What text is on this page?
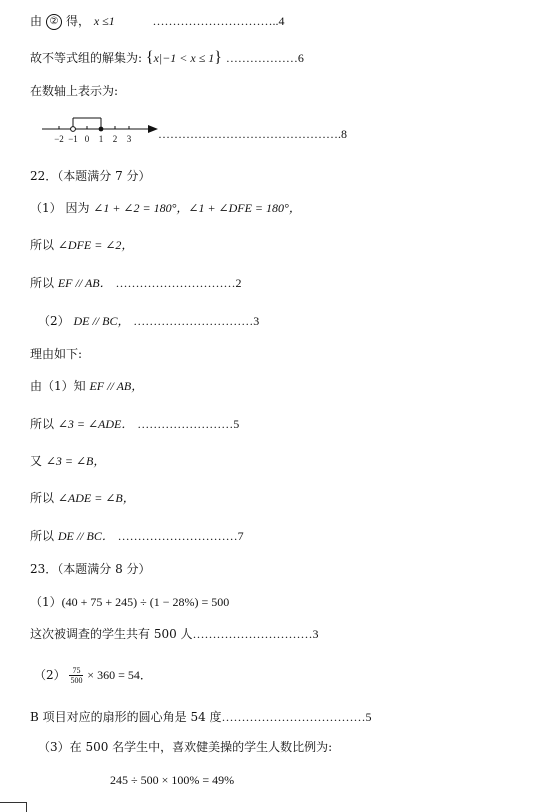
由 ② 得， x ≤1	…………………………..4
故不等式组的解集为: {x|−1 < x ≤ 1} ………………6
在数轴上表示为:
−2 −1 0 1 2 3 ……………………………………….8
22．（本题满分 7 分）
（1） 因为 ∠1 + ∠2 = 180°，∠1 + ∠DFE = 180°，
所以 ∠DFE = ∠2，
所以 EF // AB． …………………………2
（2） DE // BC， …………………………3
理由如下:
由（1）知 EF // AB，
所以 ∠3 = ∠ADE． ……………………5
又 ∠3 = ∠B，
所以 ∠ADE = ∠B，
所以 DE // BC． …………………………7
23．（本题满分 8 分）
（1）(40 + 75 + 245) ÷ (1 − 28%) = 500
这次被调查的学生共有 500 人…………………………3
$(2) \frac{75}{500} \times 360 = 54$．
B 项目对应的扇形的圆心角是 54 度………………………………5
（3）在 500 名学生中，喜欢健美操的学生人数比例为:
245 ÷ 500 × 100% = 49%
